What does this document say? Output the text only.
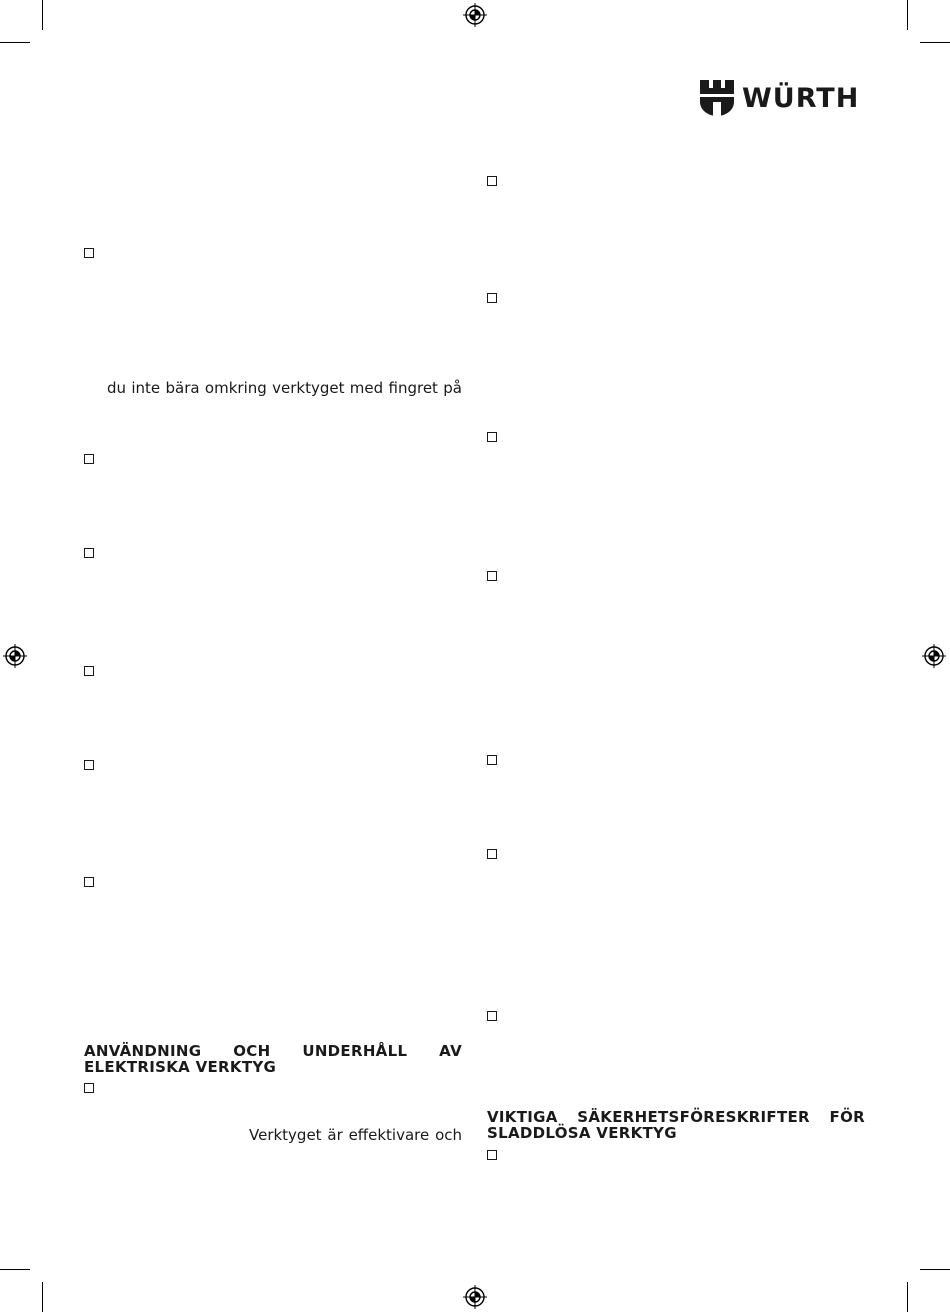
WÜRTH
du inte bära omkring verktyget med fingret på
ANVÄNDNING OCH UNDERHÅLL AV
ELEKTRISKA VERKTYG
Verktyget är effektivare och
VIKTIGA SÄKERHETSFÖRESKRIFTER FÖR
SLADDLÖSA VERKTYG
